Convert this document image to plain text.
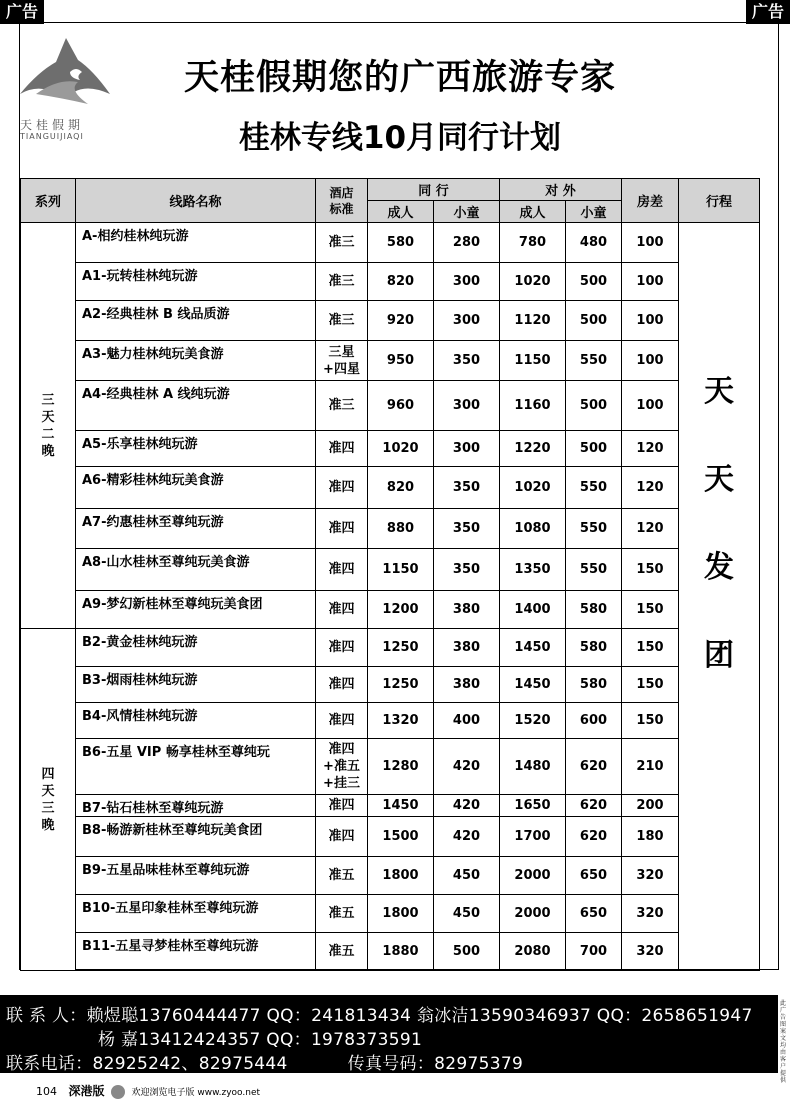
广告	广告
天桂假期
TIANGUIJIAQI
天桂假期您的广西旅游专家
桂林专线10月同行计划
系列	线路名称	酒店标准	同 行		对 外		房差	行程
			成人	小童	成人	小童		
三天二晚	A-相约桂林纯玩游	准三	580	280	780	480	100	天天发团
	A1-玩转桂林纯玩游	准三	820	300	1020	500	100	
	A2-经典桂林 B 线品质游	准三	920	300	1120	500	100	
	A3-魅力桂林纯玩美食游	三星+四星	950	350	1150	550	100	
	A4-经典桂林 A 线纯玩游	准三	960	300	1160	500	100	
	A5-乐享桂林纯玩游	准四	1020	300	1220	500	120	
	A6-精彩桂林纯玩美食游	准四	820	350	1020	550	120	
	A7-约惠桂林至尊纯玩游	准四	880	350	1080	550	120	
	A8-山水桂林至尊纯玩美食游	准四	1150	350	1350	550	150	
	A9-梦幻新桂林至尊纯玩美食团	准四	1200	380	1400	580	150	
四天三晚	B2-黄金桂林纯玩游	准四	1250	380	1450	580	150	
	B3-烟雨桂林纯玩游	准四	1250	380	1450	580	150	
	B4-风情桂林纯玩游	准四	1320	400	1520	600	150	
	B6-五星 VIP 畅享桂林至尊纯玩	准四+准五+挂三	1280	420	1480	620	210	
	B7-钻石桂林至尊纯玩游	准四	1450	420	1650	620	200	
	B8-畅游新桂林至尊纯玩美食团	准四	1500	420	1700	620	180	
	B9-五星品味桂林至尊纯玩游	准五	1800	450	2000	650	320	
	B10-五星印象桂林至尊纯玩游	准五	1800	450	2000	650	320	
	B11-五星寻梦桂林至尊纯玩游	准五	1880	500	2080	700	320	
联 系 人：赖煜聪13760444477 QQ：241813434 翁冰洁13590346937 QQ：2658651947
杨 嘉13412424357 QQ：1978373591
联系电话：82925242、82975444	传真号码：82975379
此广告图案文均由客户提供
104 深港版	欢迎浏览电子版 www.zyoo.net
